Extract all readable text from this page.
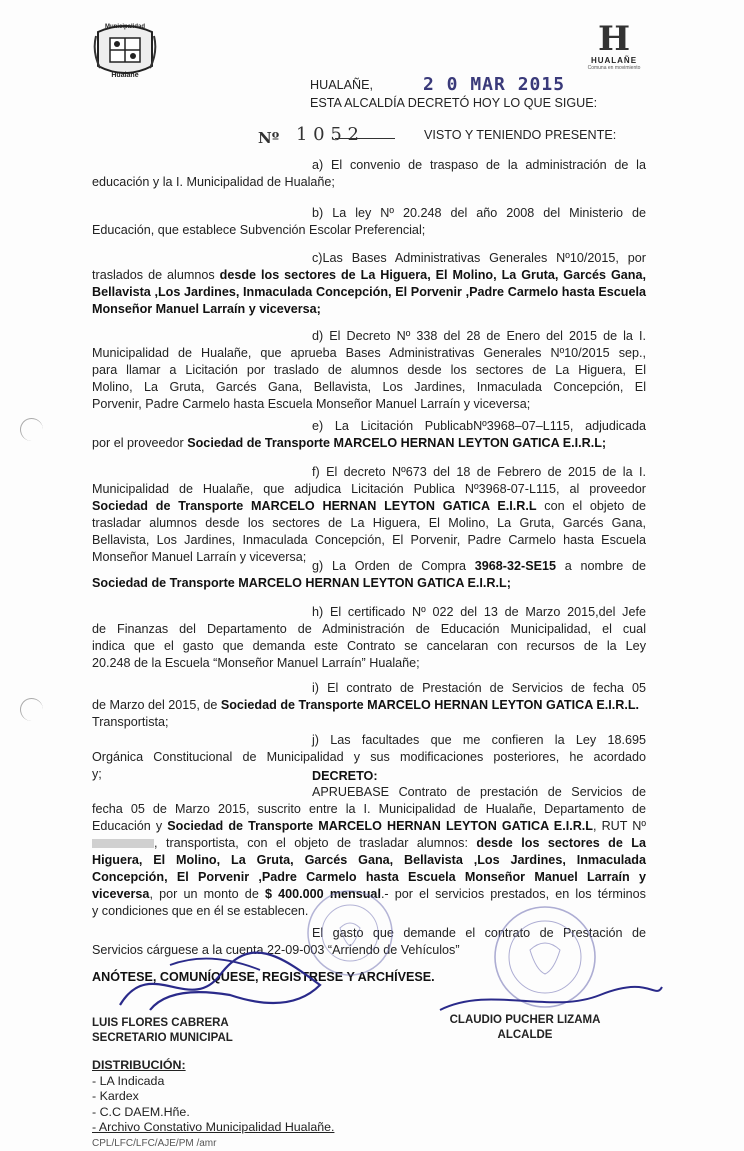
Municipalidad
Hualañe
H
HUALAÑE
Comuna en movimiento
HUALAÑE,	2 0 MAR 2015
ESTA ALCALDÍA DECRETÓ HOY LO QUE SIGUE:
Nº 1 0 5 2	VISTO Y TENIENDO PRESENTE:
a) El convenio de traspaso de la administración de la
educación y la I. Municipalidad de Hualañe;
b) La ley Nº 20.248 del año 2008 del Ministerio de
Educación, que establece Subvención Escolar Preferencial;
c)Las Bases Administrativas Generales Nº10/2015, por
traslados de alumnos desde los sectores de La Higuera, El Molino, La Gruta, Garcés Gana,
Bellavista ,Los Jardines, Inmaculada Concepción, El Porvenir ,Padre Carmelo hasta Escuela
Monseñor Manuel Larraín y viceversa;
d) El Decreto Nº 338 del 28 de Enero del 2015 de la I.
Municipalidad de Hualañe, que aprueba Bases Administrativas Generales Nº10/2015 sep.,
para llamar a Licitación por traslado de alumnos desde los sectores de La Higuera, El
Molino, La Gruta, Garcés Gana, Bellavista, Los Jardines, Inmaculada Concepción, El
Porvenir, Padre Carmelo hasta Escuela Monseñor Manuel Larraín y viceversa;
e) La Licitación PublicabNº3968–07–L115, adjudicada
por el proveedor Sociedad de Transporte MARCELO HERNAN LEYTON GATICA E.I.R.L;
f) El decreto Nº673 del 18 de Febrero de 2015 de la I.
Municipalidad de Hualañe, que adjudica Licitación Publica Nº3968-07-L115, al proveedor
Sociedad de Transporte MARCELO HERNAN LEYTON GATICA E.I.R.L con el objeto de
trasladar alumnos desde los sectores de La Higuera, El Molino, La Gruta, Garcés Gana,
Bellavista, Los Jardines, Inmaculada Concepción, El Porvenir, Padre Carmelo hasta Escuela
Monseñor Manuel Larraín y viceversa;
g) La Orden de Compra 3968-32-SE15 a nombre de
Sociedad de Transporte MARCELO HERNAN LEYTON GATICA E.I.R.L;
h) El certificado Nº 022 del 13 de Marzo 2015,del Jefe
de Finanzas del Departamento de Administración de Educación Municipalidad, el cual
indica que el gasto que demanda este Contrato se cancelaran con recursos de la Ley
20.248 de la Escuela “Monseñor Manuel Larraín” Hualañe;
i) El contrato de Prestación de Servicios de fecha 05
de Marzo del 2015, de Sociedad de Transporte MARCELO HERNAN LEYTON GATICA E.I.R.L.
Transportista;
j) Las facultades que me confieren la Ley 18.695
Orgánica Constitucional de Municipalidad y sus modificaciones posteriores, he acordado
y;	DECRETO:
APRUEBASE Contrato de prestación de Servicios de
fecha 05 de Marzo 2015, suscrito entre la I. Municipalidad de Hualañe, Departamento de
Educación y Sociedad de Transporte MARCELO HERNAN LEYTON GATICA E.I.R.L, RUT Nº
, transportista, con el objeto de trasladar alumnos: desde los sectores de La
Higuera, El Molino, La Gruta, Garcés Gana, Bellavista ,Los Jardines, Inmaculada
Concepción, El Porvenir ,Padre Carmelo hasta Escuela Monseñor Manuel Larraín y
viceversa, por un monto de $ 400.000 mensual.- por el servicios prestados, en los términos
y condiciones que en él se establecen.
El gasto que demande el contrato de Prestación de
Servicios cárguese a la cuenta 22-09-003 “Arriendo de Vehículos”
ANÓTESE, COMUNÍQUESE, REGISTRESE Y ARCHÍVESE.
LUIS FLORES CABRERA
SECRETARIO MUNICIPAL
CLAUDIO PUCHER LIZAMA
ALCALDE
DISTRIBUCIÓN:
- LA Indicada
- Kardex
- C.C DAEM.Hñe.
- Archivo Constativo Municipalidad Hualañe.
CPL/LFC/LFC/AJE/PM /amr
